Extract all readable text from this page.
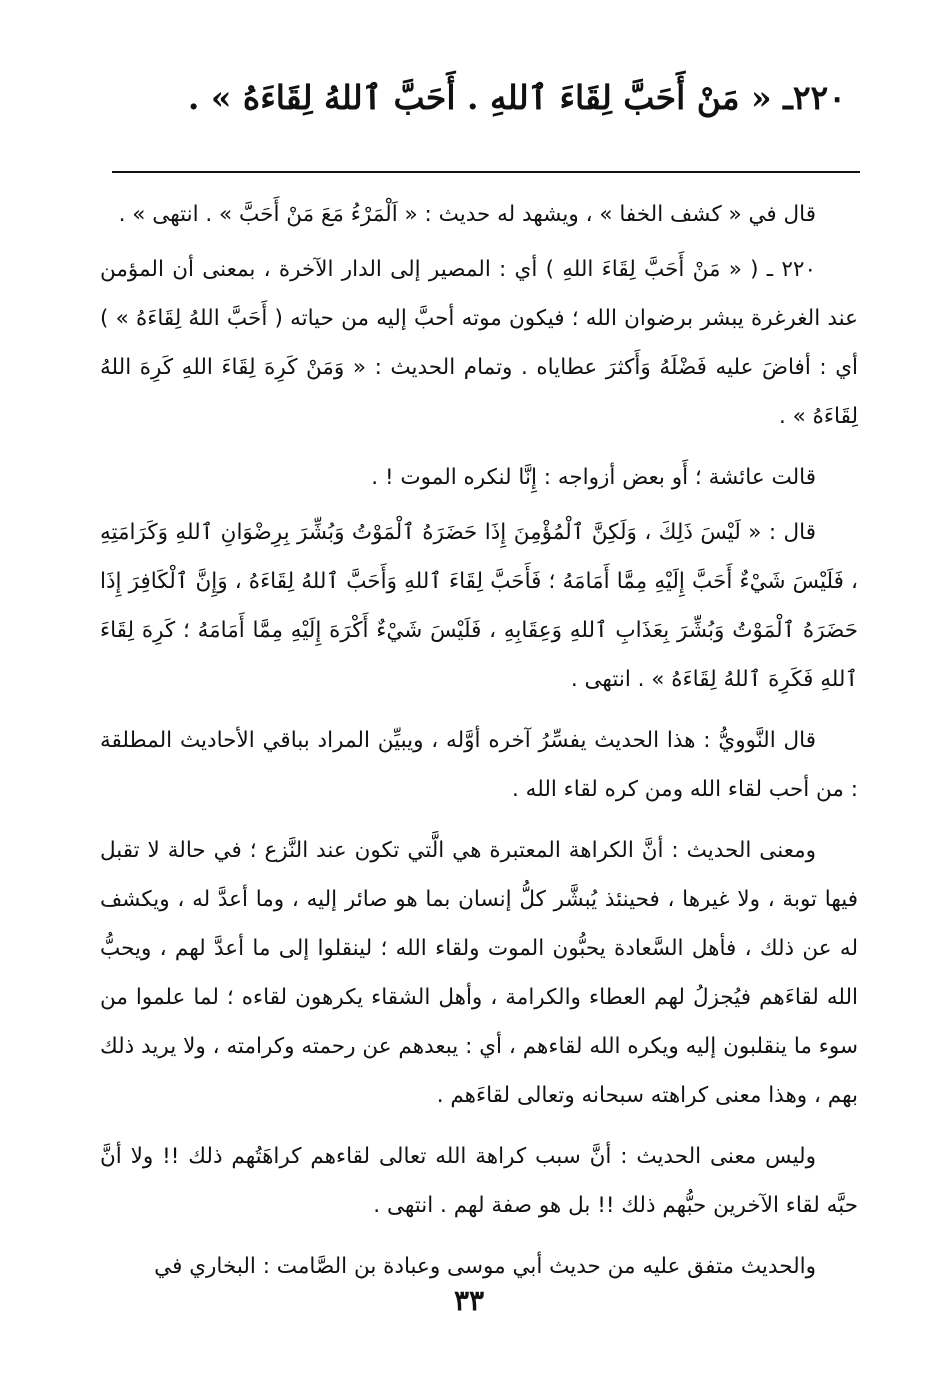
٢٢٠ـ « مَنْ أَحَبَّ لِقَاءَ ٱللهِ . أَحَبَّ ٱللهُ لِقَاءَهُ » .

قال في « كشف الخفا » ، ويشهد له حديث : « اَلْمَرْءُ مَعَ مَنْ أَحَبَّ » . انتهى » .

٢٢٠ ـ ( « مَنْ أَحَبَّ لِقَاءَ اللهِ ) أي : المصير إلى الدار الآخرة ، بمعنى أن المؤمن عند الغرغرة يبشر برضوان الله ؛ فيكون موته أحبَّ إليه من حياته ( أَحَبَّ اللهُ لِقَاءَهُ » ) أي : أفاضَ عليه فَضْلَهُ وَأَكثرَ عطاياه . وتمام الحديث : « وَمَنْ كَرِهَ لِقَاءَ اللهِ كَرِهَ اللهُ لِقَاءَهُ » .

قالت عائشة ؛ أَو بعض أزواجه : إِنَّا لنكره الموت ! .

قال : « لَيْسَ ذَلِكَ ، وَلَكِنَّ ٱلْمُؤْمِنَ إِذَا حَضَرَهُ ٱلْمَوْتُ وَبُشِّرَ بِرِضْوَانِ ٱللهِ وَكَرَامَتِهِ ، فَلَيْسَ شَيْءٌ أَحَبَّ إِلَيْهِ مِمَّا أَمَامَهُ ؛ فَأَحَبَّ لِقَاءَ ٱللهِ وَأَحَبَّ ٱللهُ لِقَاءَهُ ، وَإِنَّ ٱلْكَافِرَ إِذَا حَضَرَهُ ٱلْمَوْتُ وَبُشِّرَ بِعَذَابِ ٱللهِ وَعِقَابِهِ ، فَلَيْسَ شَيْءٌ أَكْرَهَ إِلَيْهِ مِمَّا أَمَامَهُ ؛ كَرِهَ لِقَاءَ ٱللهِ فَكَرِهَ ٱللهُ لِقَاءَهُ » . انتهى .

قال النَّوويُّ : هذا الحديث يفسِّرُ آخره أوَّله ، ويبيِّن المراد بباقي الأحاديث المطلقة : من أحب لقاء الله ومن كره لقاء الله .

ومعنى الحديث : أنَّ الكراهة المعتبرة هي الَّتي تكون عند النَّزع ؛ في حالة لا تقبل فيها توبة ، ولا غيرها ، فحينئذ يُبشَّر كلُّ إنسان بما هو صائر إليه ، وما أعدَّ له ، ويكشف له عن ذلك ، فأهل السَّعادة يحبُّون الموت ولقاء الله ؛ لينقلوا إلى ما أعدَّ لهم ، ويحبُّ الله لقاءَهم فيُجزلُ لهم العطاء والكرامة ، وأهل الشقاء يكرهون لقاءه ؛ لما علموا من سوء ما ينقلبون إليه ويكره الله لقاءهم ، أي : يبعدهم عن رحمته وكرامته ، ولا يريد ذلك بهم ، وهذا معنى كراهته سبحانه وتعالى لقاءَهم .

وليس معنى الحديث : أنَّ سبب كراهة الله تعالى لقاءهم كراهَتُهم ذلك !! ولا أنَّ حبَّه لقاء الآخرين حبُّهم ذلك !! بل هو صفة لهم . انتهى .

والحديث متفق عليه من حديث أبي موسى وعبادة بن الصَّامت : البخاري في

٣٣
